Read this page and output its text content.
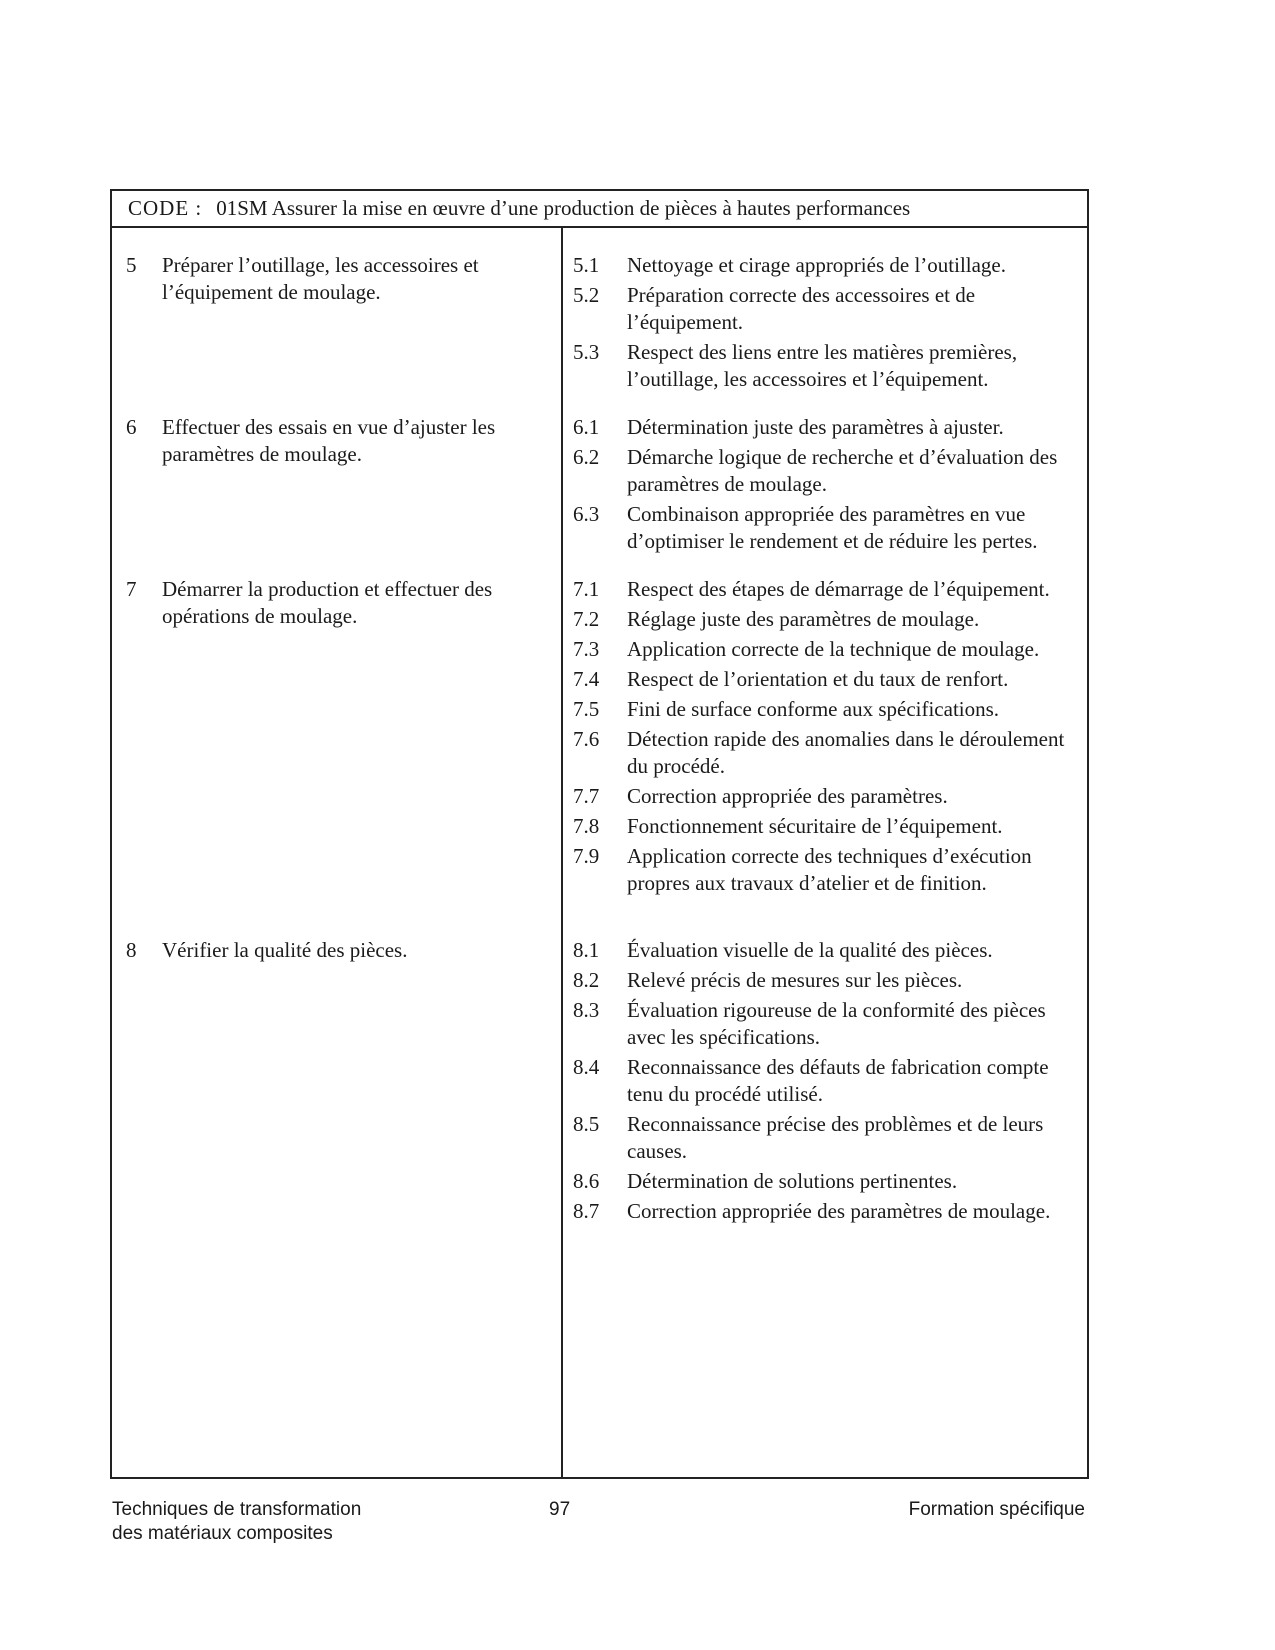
CODE : 01SM Assurer la mise en œuvre d’une production de pièces à hautes performances
5 Préparer l’outillage, les accessoires et l’équipement de moulage.
6 Effectuer des essais en vue d’ajuster les paramètres de moulage.
7 Démarrer la production et effectuer des opérations de moulage.
8 Vérifier la qualité des pièces.
5.1 Nettoyage et cirage appropriés de l’outillage.
5.2 Préparation correcte des accessoires et de l’équipement.
5.3 Respect des liens entre les matières premières, l’outillage, les accessoires et l’équipement.
6.1 Détermination juste des paramètres à ajuster.
6.2 Démarche logique de recherche et d’évaluation des paramètres de moulage.
6.3 Combinaison appropriée des paramètres en vue d’optimiser le rendement et de réduire les pertes.
7.1 Respect des étapes de démarrage de l’équipement.
7.2 Réglage juste des paramètres de moulage.
7.3 Application correcte de la technique de moulage.
7.4 Respect de l’orientation et du taux de renfort.
7.5 Fini de surface conforme aux spécifications.
7.6 Détection rapide des anomalies dans le déroulement du procédé.
7.7 Correction appropriée des paramètres.
7.8 Fonctionnement sécuritaire de l’équipement.
7.9 Application correcte des techniques d’exécution propres aux travaux d’atelier et de finition.
8.1 Évaluation visuelle de la qualité des pièces.
8.2 Relevé précis de mesures sur les pièces.
8.3 Évaluation rigoureuse de la conformité des pièces avec les spécifications.
8.4 Reconnaissance des défauts de fabrication compte tenu du procédé utilisé.
8.5 Reconnaissance précise des problèmes et de leurs causes.
8.6 Détermination de solutions pertinentes.
8.7 Correction appropriée des paramètres de moulage.
Techniques de transformation
des matériaux composites
97	Formation spécifique
